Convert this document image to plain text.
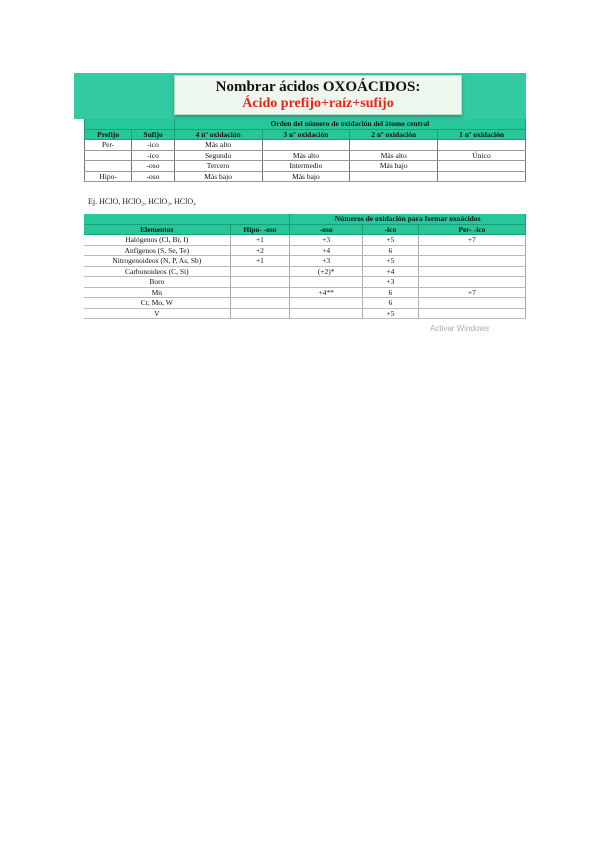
Nombrar ácidos OXOÁCIDOS:
Ácido prefijo+raíz+sufijo
		Orden del número de oxidación del átomo central			
Prefijo	Sufijo	4 nº oxidación	3 nº oxidación	2 nº oxidación	1 nº oxidación
Per-	-ico	Más alto			
	-ico	Segundo	Más alto	Más alto	Único
	-oso	Tercero	Intermedio	Más bajo	
Hipo-	-oso	Más bajo	Más bajo		
Ej. HClO, HClO₂, HClO₃, HClO₄
		Números de oxidación para formar oxoácidos		
Elementos	Hipo- -oso	-oso	-ico	Per- -ico
Halógenos (Cl, Br, I)	+1	+3	+5	+7
Anfígenos (S, Se, Te)	+2	+4	6	
Nitrogenoideos (N, P, As, Sb)	+1	+3	+5	
Carbonoideos (C, Si)		(+2)*	+4	
Boro			+3	
Mn		+4**	6	+7
Cr, Mo, W			6	
V			+5	
Activar Windows
